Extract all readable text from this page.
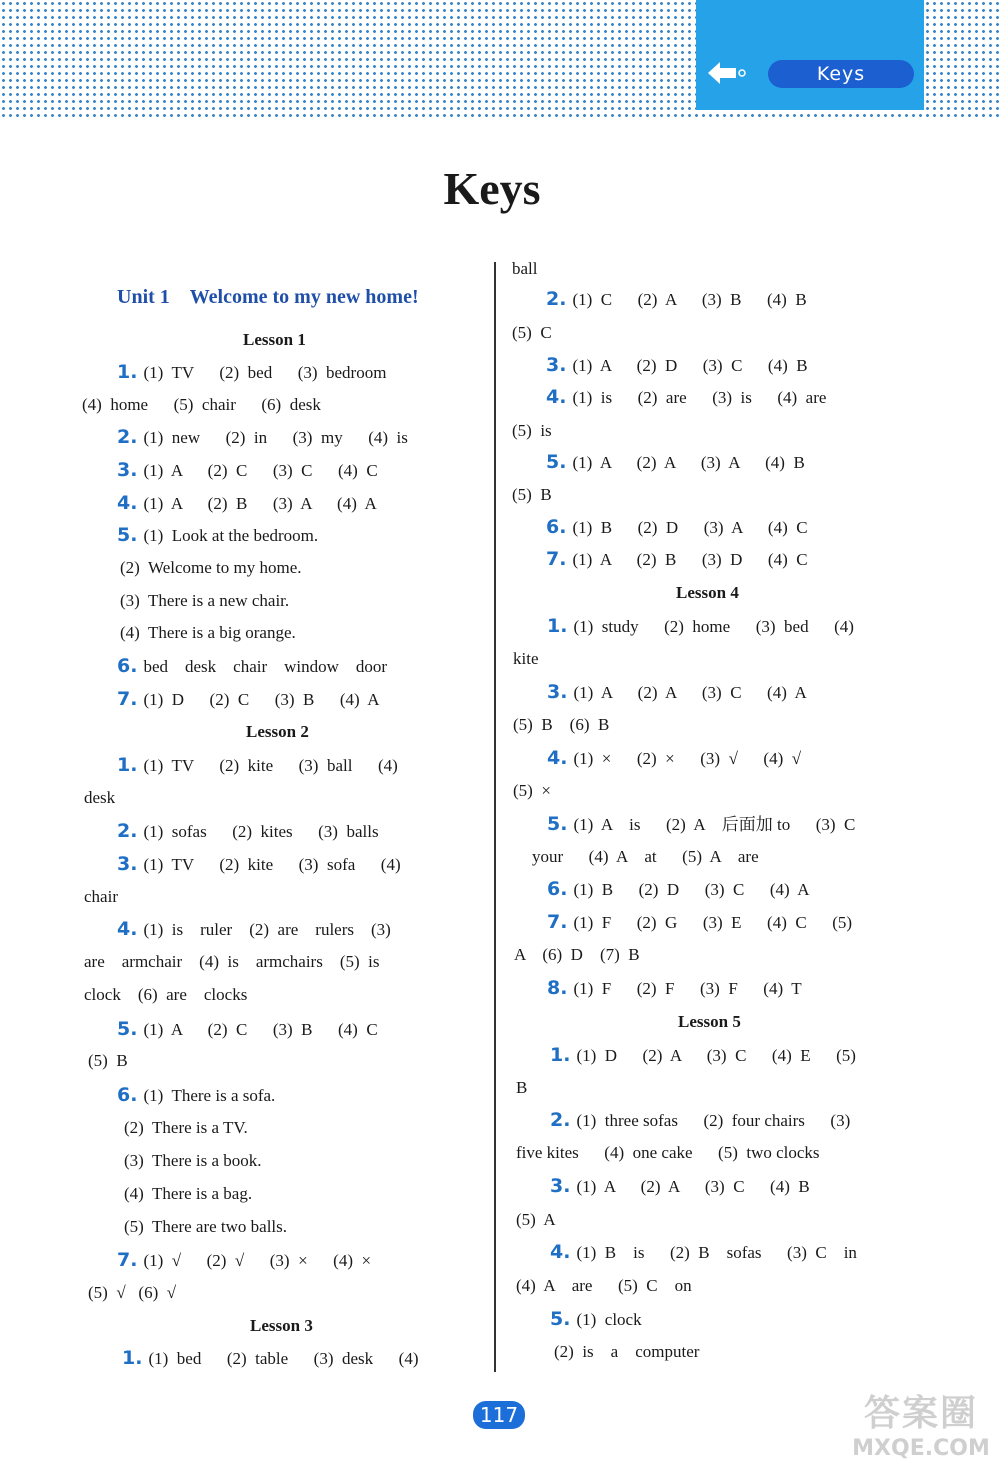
Keys
Keys
Unit 1　Welcome to my new home!
Lesson 1
1. (1)  TV      (2)  bed      (3)  bedroom
(4)  home      (5)  chair      (6)  desk
2. (1)  new      (2)  in      (3)  my      (4)  is
3. (1)  A      (2)  C      (3)  C      (4)  C
4. (1)  A      (2)  B      (3)  A      (4)  A
5. (1)  Look at the bedroom.
(2)  Welcome to my home.
(3)  There is a new chair.
(4)  There is a big orange.
6. bed    desk    chair    window    door
7. (1)  D      (2)  C      (3)  B      (4)  A
Lesson 2
1. (1)  TV      (2)  kite      (3)  ball      (4)
desk
2. (1)  sofas      (2)  kites      (3)  balls
3. (1)  TV      (2)  kite      (3)  sofa      (4)
chair
4. (1)  is    ruler    (2)  are    rulers    (3)
are    armchair    (4)  is    armchairs    (5)  is
clock    (6)  are    clocks
5. (1)  A      (2)  C      (3)  B      (4)  C
(5)  B
6. (1)  There is a sofa.
(2)  There is a TV.
(3)  There is a book.
(4)  There is a bag.
(5)  There are two balls.
7. (1)  √      (2)  √      (3)  ×      (4)  ×
(5)  √   (6)  √
Lesson 3
1. (1)  bed      (2)  table      (3)  desk      (4)
ball
2. (1)  C      (2)  A      (3)  B      (4)  B
(5)  C
3. (1)  A      (2)  D      (3)  C      (4)  B
4. (1)  is      (2)  are      (3)  is      (4)  are
(5)  is
5. (1)  A      (2)  A      (3)  A      (4)  B
(5)  B
6. (1)  B      (2)  D      (3)  A      (4)  C
7. (1)  A      (2)  B      (3)  D      (4)  C
Lesson 4
1. (1)  study      (2)  home      (3)  bed      (4)
kite
3. (1)  A      (2)  A      (3)  C      (4)  A
(5)  B    (6)  B
4. (1)  ×      (2)  ×      (3)  √      (4)  √
(5)  ×
5. (1)  A    is      (2)  A    后面加 to      (3)  C
your      (4)  A    at      (5)  A    are
6. (1)  B      (2)  D      (3)  C      (4)  A
7. (1)  F      (2)  G      (3)  E      (4)  C      (5)
A    (6)  D    (7)  B
8. (1)  F      (2)  F      (3)  F      (4)  T
Lesson 5
1. (1)  D      (2)  A      (3)  C      (4)  E      (5)
B
2. (1)  three sofas      (2)  four chairs      (3)
five kites      (4)  one cake      (5)  two clocks
3. (1)  A      (2)  A      (3)  C      (4)  B
(5)  A
4. (1)  B    is      (2)  B    sofas      (3)  C    in
(4)  A    are      (5)  C    on
5. (1)  clock
(2)  is    a    computer
117	答案圈
MXQE.COM
